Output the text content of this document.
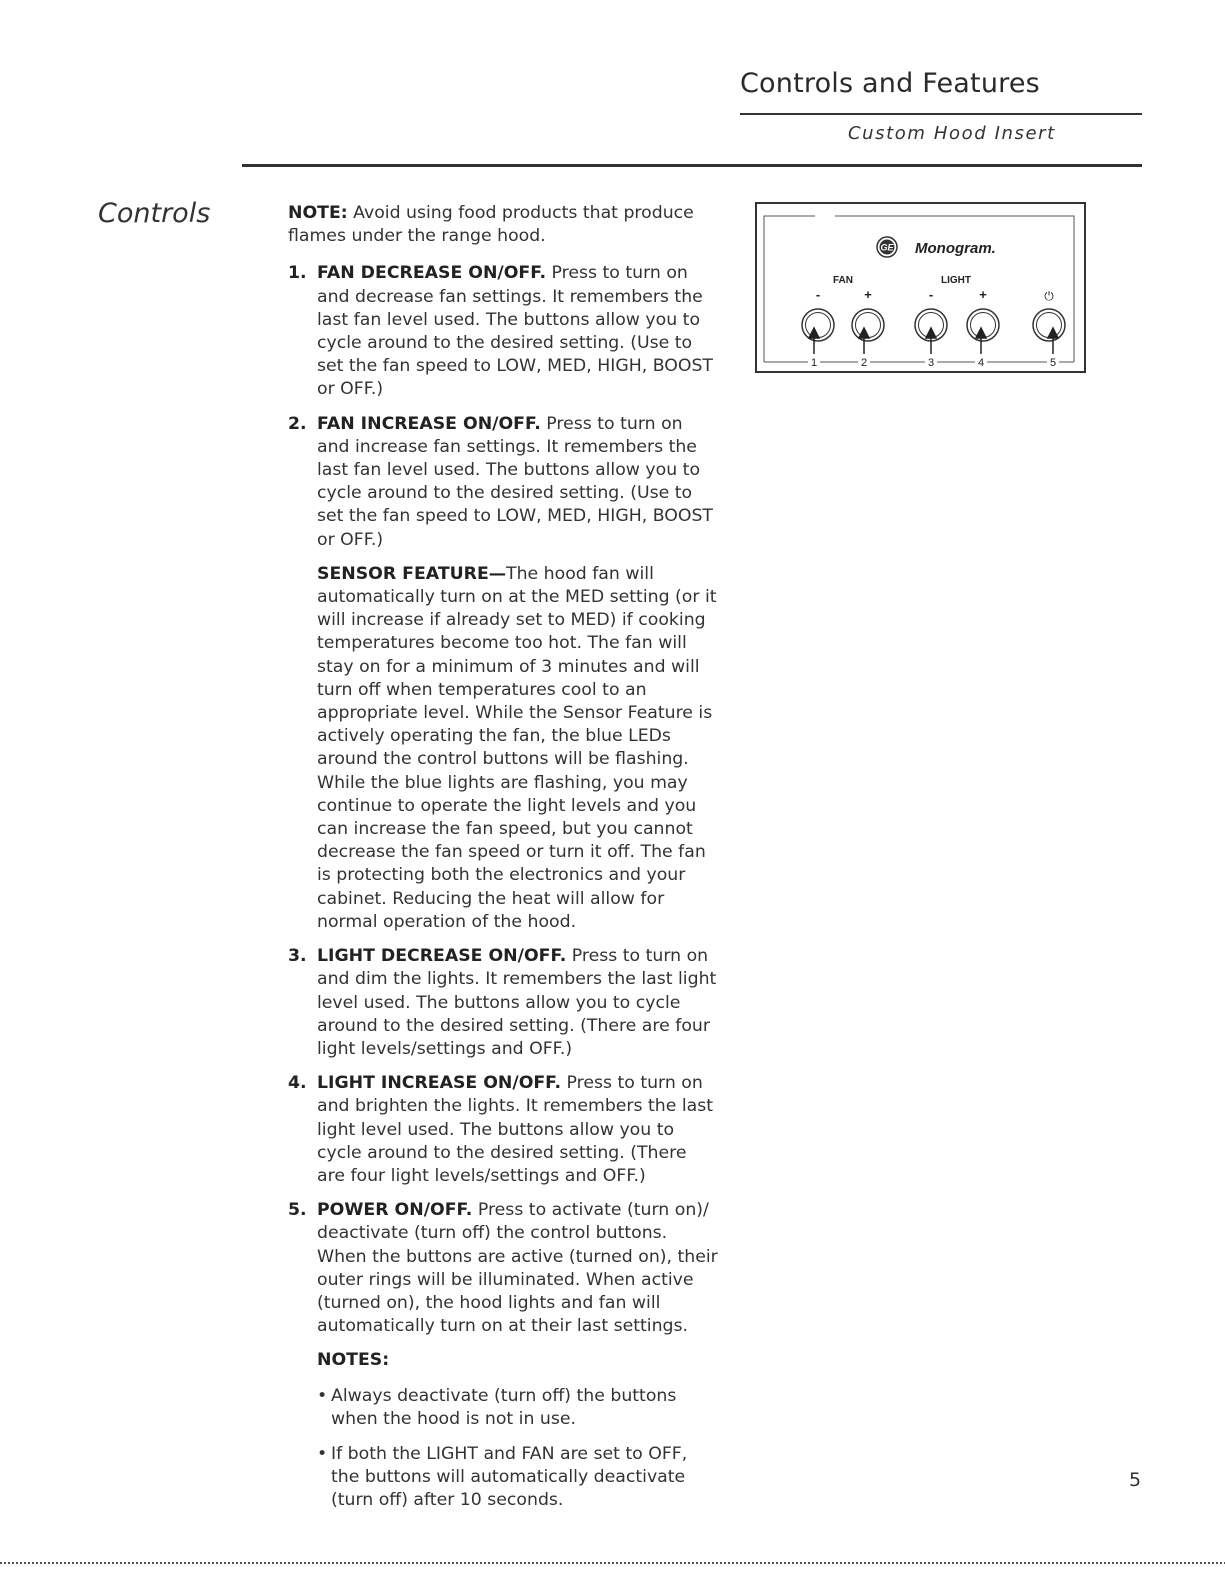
Controls and Features
Custom Hood Insert
Controls	NOTE: Avoid using food products that produce flames under the range hood.

1. FAN DECREASE ON/OFF. Press to turn on and decrease fan settings. It remembers the last fan level used. The buttons allow you to cycle around to the desired setting. (Use to set the fan speed to LOW, MED, HIGH, BOOST or OFF.)
2. FAN INCREASE ON/OFF. Press to turn on and increase fan settings. It remembers the last fan level used. The buttons allow you to cycle around to the desired setting. (Use to set the fan speed to LOW, MED, HIGH, BOOST or OFF.)

SENSOR FEATURE—The hood fan will automatically turn on at the MED setting (or it will increase if already set to MED) if cooking temperatures become too hot. The fan will stay on for a minimum of 3 minutes and will turn off when temperatures cool to an appropriate level. While the Sensor Feature is actively operating the fan, the blue LEDs around the control buttons will be flashing. While the blue lights are flashing, you may continue to operate the light levels and you can increase the fan speed, but you cannot decrease the fan speed or turn it off. The fan is protecting both the electronics and your cabinet. Reducing the heat will allow for normal operation of the hood.

3. LIGHT DECREASE ON/OFF. Press to turn on and dim the lights. It remembers the last light level used. The buttons allow you to cycle around to the desired setting. (There are four light levels/settings and OFF.)
4. LIGHT INCREASE ON/OFF. Press to turn on and brighten the lights. It remembers the last light level used. The buttons allow you to cycle around to the desired setting. (There are four light levels/settings and OFF.)
5. POWER ON/OFF. Press to activate (turn on)/ deactivate (turn off) the control buttons. When the buttons are active (turned on), their outer rings will be illuminated. When active (turned on), the hood lights and fan will automatically turn on at their last settings.

NOTES:

• Always deactivate (turn off) the buttons when the hood is not in use.

• If both the LIGHT and FAN are set to OFF, the buttons will automatically deactivate (turn off) after 10 seconds.

GE Monogram.
FAN	LIGHT
-	+	-	+	⏻
1	2	3	4	5
5
